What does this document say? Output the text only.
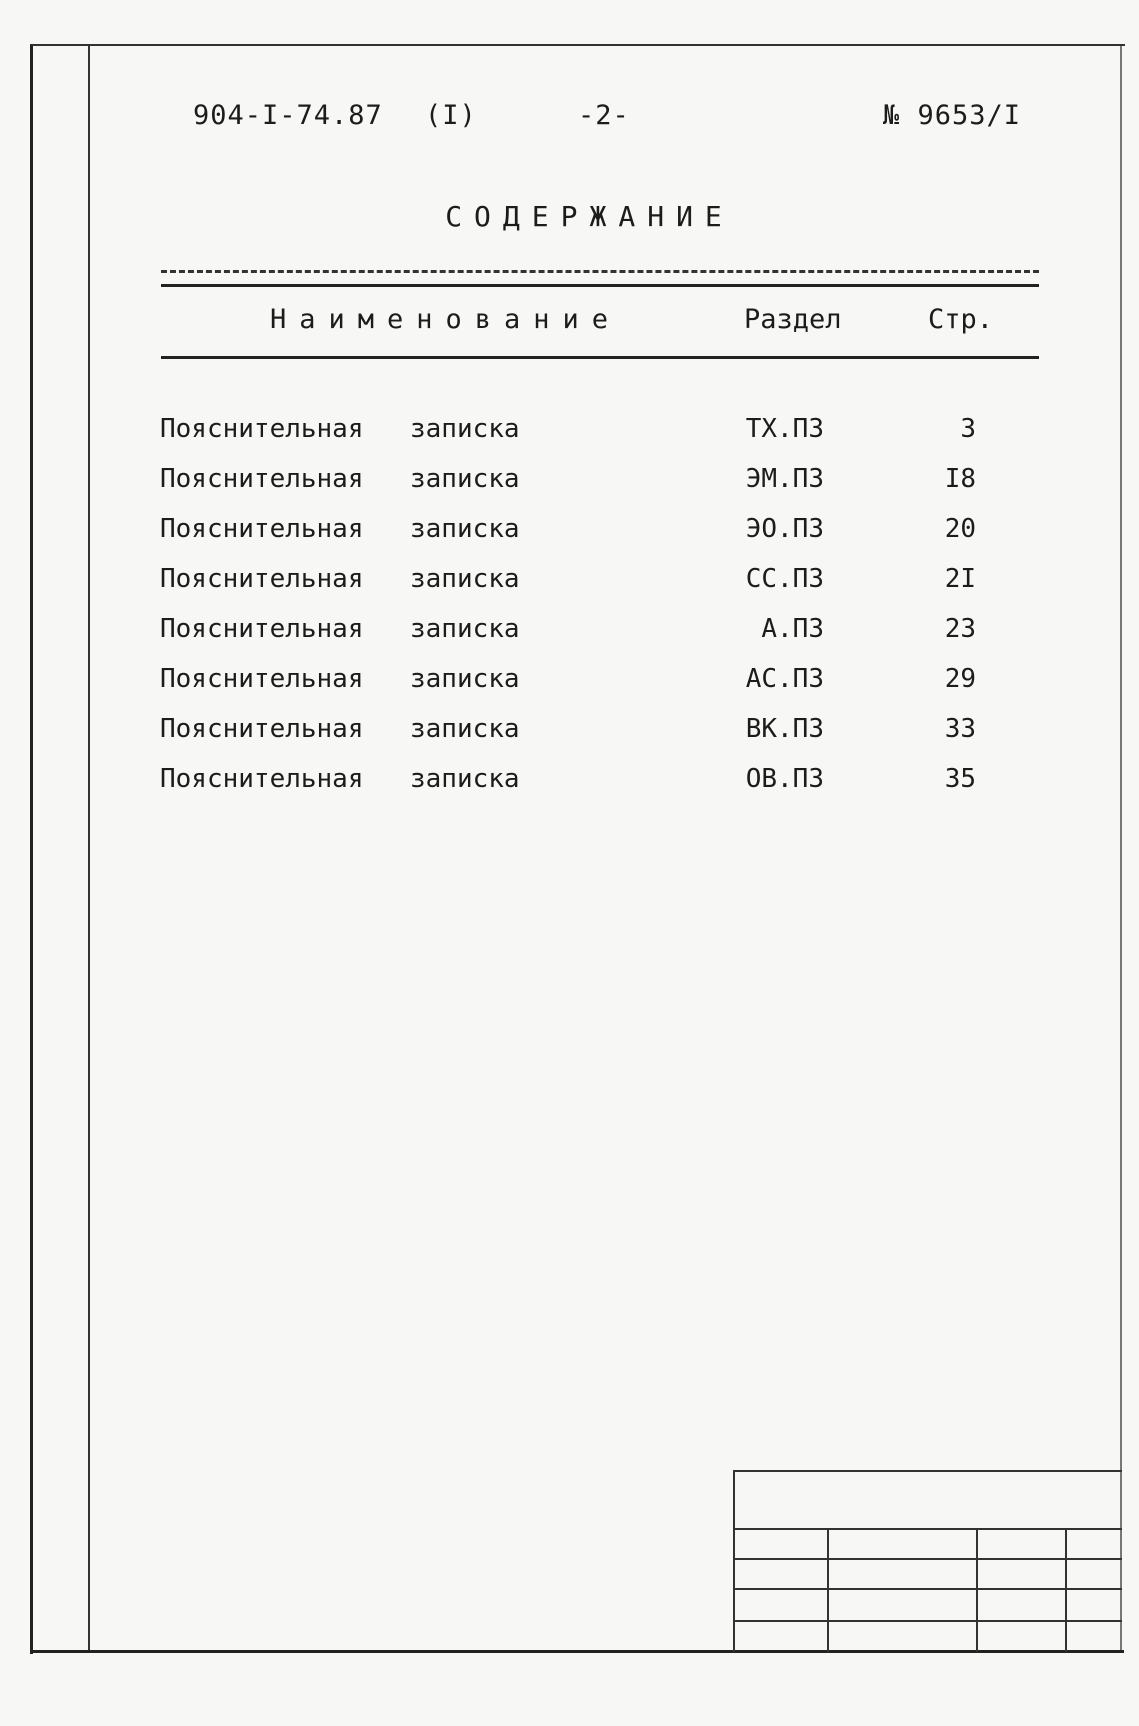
904-I-74.87 (I)	-2-	№ 9653/I
СОДЕРЖАНИЕ
Наименование	Раздел	Стр.
Пояснительная записка	ТХ.ПЗ	3
Пояснительная записка	ЭМ.ПЗ	I8
Пояснительная записка	ЭО.ПЗ	20
Пояснительная записка	СС.ПЗ	2I
Пояснительная записка	А.ПЗ	23
Пояснительная записка	АС.ПЗ	29
Пояснительная записка	ВК.ПЗ	33
Пояснительная записка	ОВ.ПЗ	35
